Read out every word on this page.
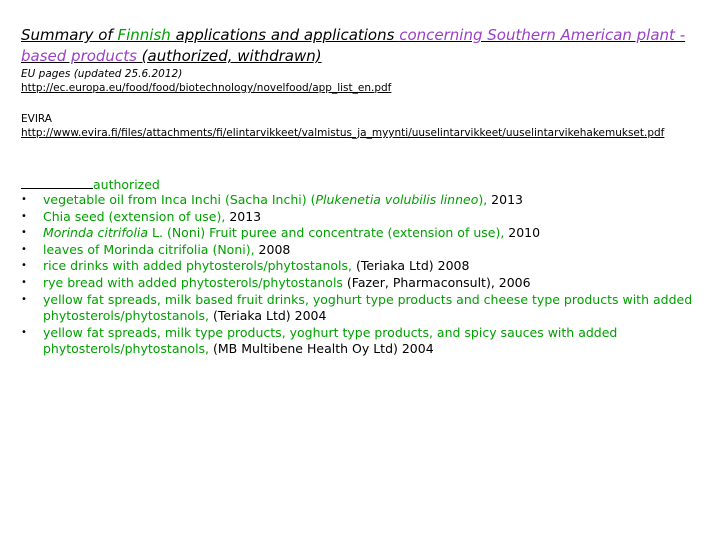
Summary of Finnish applications and applications concerning Southern American plant -based products (authorized, withdrawn)
EU pages (updated 25.6.2012)
http://ec.europa.eu/food/food/biotechnology/novelfood/app_list_en.pdf
EVIRA
http://www.evira.fi/files/attachments/fi/elintarvikkeet/valmistus_ja_myynti/uuselintarvikkeet/uuselintarvikehakemukset.pdf
authorized
•	vegetable oil from Inca Inchi (Sacha Inchi) (Plukenetia volubilis linneo), 2013
•	Chia seed (extension of use), 2013
•	Morinda citrifolia L. (Noni) Fruit puree and concentrate (extension of use), 2010
•	leaves of Morinda citrifolia (Noni), 2008
•	rice drinks with added phytosterols/phytostanols, (Teriaka Ltd) 2008
•	rye bread with added phytosterols/phytostanols (Fazer, Pharmaconsult), 2006
•	yellow fat spreads, milk based fruit drinks, yoghurt type products and cheese type products with added phytosterols/phytostanols, (Teriaka Ltd) 2004
•	yellow fat spreads, milk type products, yoghurt type products, and spicy sauces with added phytosterols/phytostanols, (MB Multibene Health Oy Ltd) 2004
